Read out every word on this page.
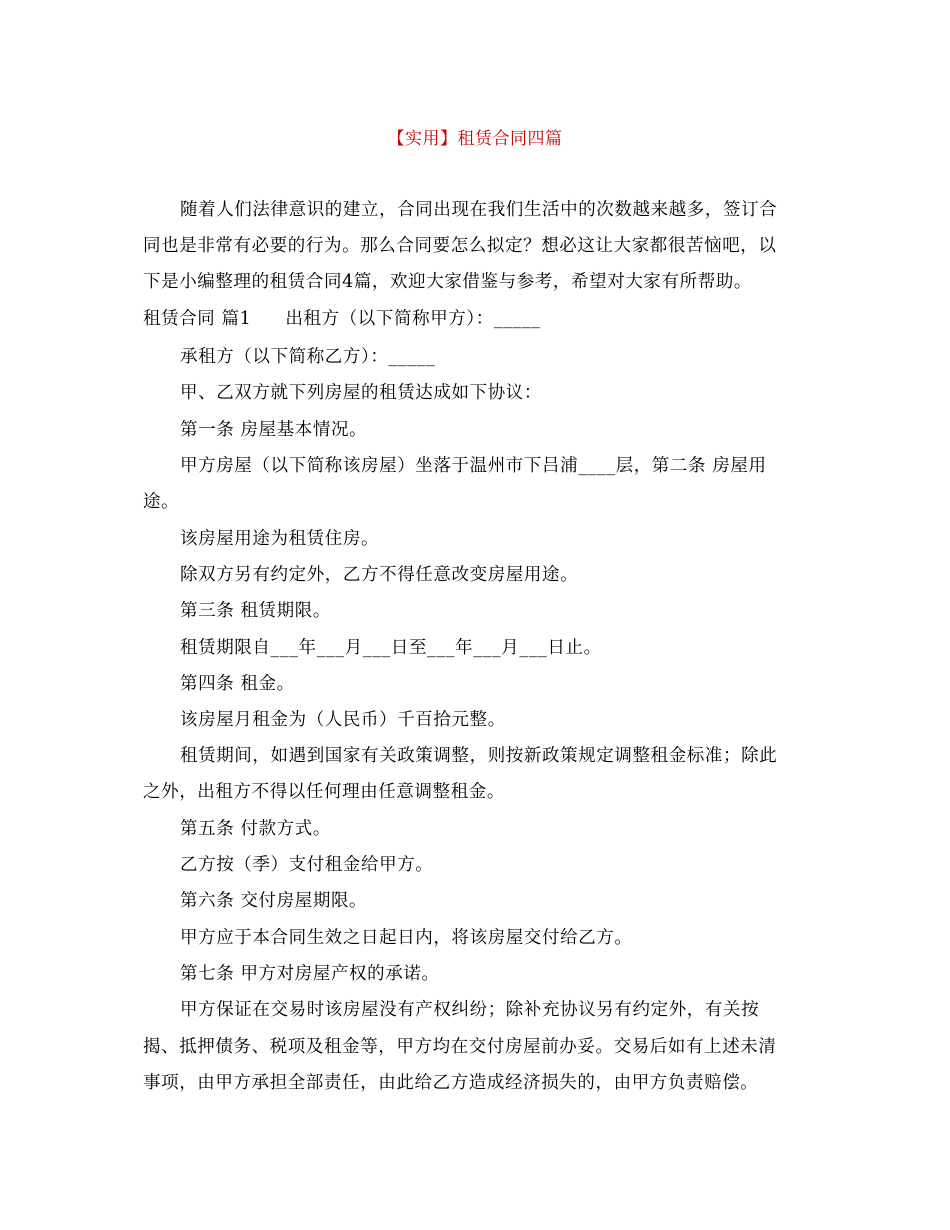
【实用】租赁合同四篇
随着人们法律意识的建立，合同出现在我们生活中的次数越来越多，签订合
同也是非常有必要的行为。那么合同要怎么拟定？想必这让大家都很苦恼吧，以
下是小编整理的租赁合同4篇，欢迎大家借鉴与参考，希望对大家有所帮助。
租赁合同 篇1 出租方（以下简称甲方）：_____
承租方（以下简称乙方）：_____
甲、乙双方就下列房屋的租赁达成如下协议：
第一条 房屋基本情况。
甲方房屋（以下简称该房屋）坐落于温州市下吕浦____层，第二条 房屋用
途。
该房屋用途为租赁住房。
除双方另有约定外，乙方不得任意改变房屋用途。
第三条 租赁期限。
租赁期限自___年___月___日至___年___月___日止。
第四条 租金。
该房屋月租金为（人民币）千百拾元整。
租赁期间，如遇到国家有关政策调整，则按新政策规定调整租金标准；除此
之外，出租方不得以任何理由任意调整租金。
第五条 付款方式。
乙方按（季）支付租金给甲方。
第六条 交付房屋期限。
甲方应于本合同生效之日起日内，将该房屋交付给乙方。
第七条 甲方对房屋产权的承诺。
甲方保证在交易时该房屋没有产权纠纷；除补充协议另有约定外，有关按
揭、抵押债务、税项及租金等，甲方均在交付房屋前办妥。交易后如有上述未清
事项，由甲方承担全部责任，由此给乙方造成经济损失的，由甲方负责赔偿。
